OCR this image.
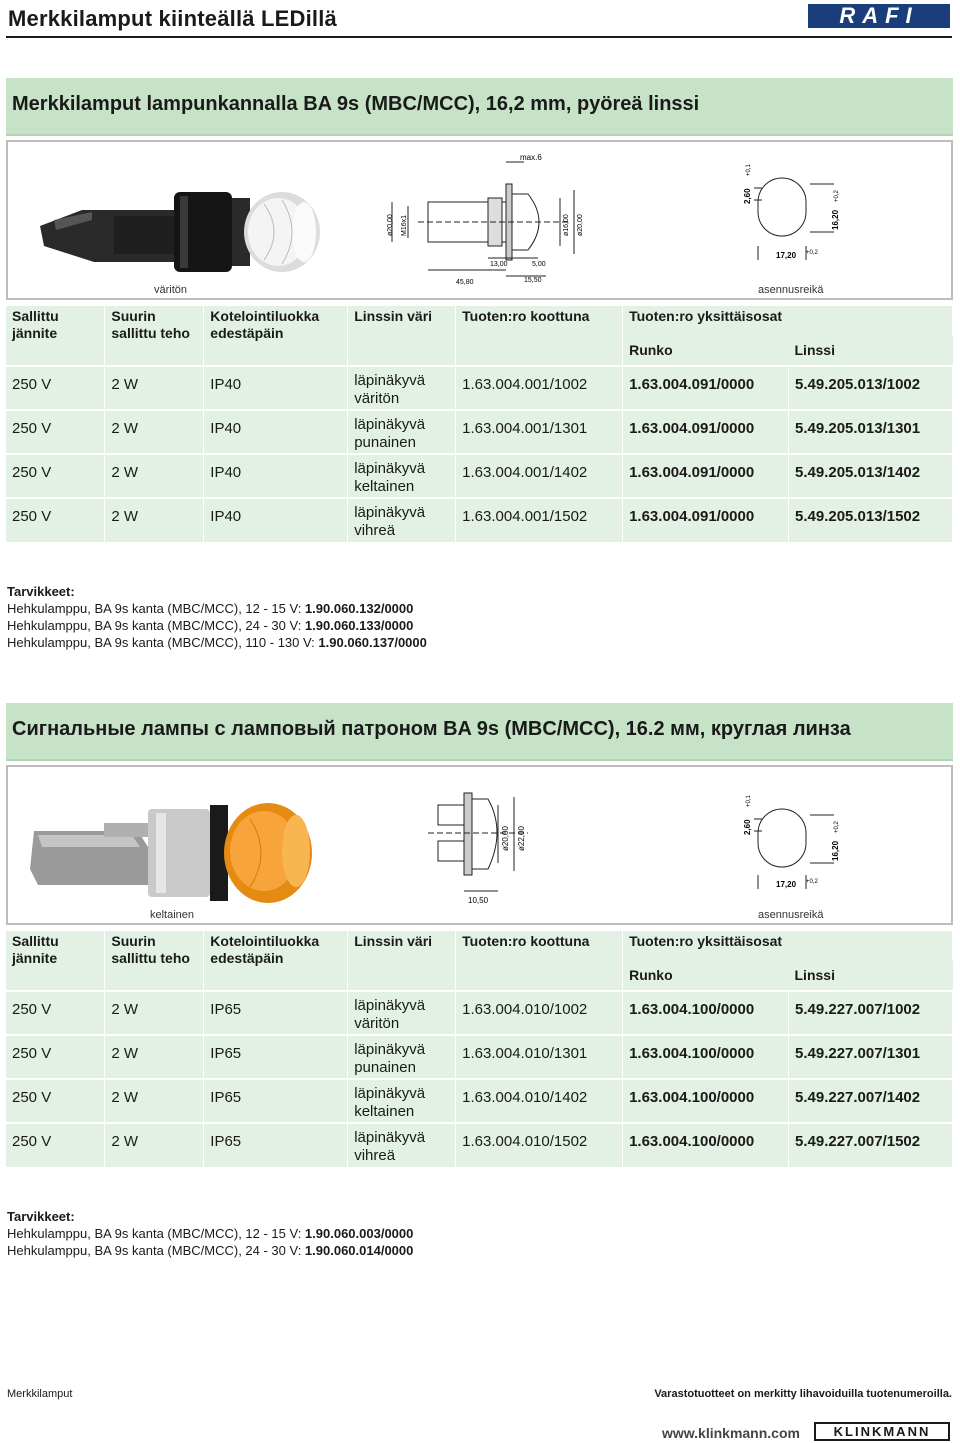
Merkkilamput kiinteällä LEDillä	RAFI
Merkkilamput lampunkannalla BA 9s (MBC/MCC), 16,2 mm, pyöreä linssi
väritön
max.6
ø20,00 M16x1	ø16,00 ø20,00
13,00	5,00
45,80	15,50
2,60
+0,1
16,20
+0,2
17,20 +0,2
asennusreikä
Sallittu jännite	Suurin sallittu teho	Kotelointiluokka edestäpäin	Linssin väri	Tuoten:ro koottuna	Tuoten:ro yksittäisosat	
					Runko	Linssi
250 V	2 W	IP40	läpinäkyvä väritön	1.63.004.001/1002	1.63.004.091/0000	5.49.205.013/1002
250 V	2 W	IP40	läpinäkyvä punainen	1.63.004.001/1301	1.63.004.091/0000	5.49.205.013/1301
250 V	2 W	IP40	läpinäkyvä keltainen	1.63.004.001/1402	1.63.004.091/0000	5.49.205.013/1402
250 V	2 W	IP40	läpinäkyvä vihreä	1.63.004.001/1502	1.63.004.091/0000	5.49.205.013/1502
Tarvikkeet:
Hehkulamppu, BA 9s kanta (MBC/MCC), 12 - 15 V: 1.90.060.132/0000
Hehkulamppu, BA 9s kanta (MBC/MCC), 24 - 30 V: 1.90.060.133/0000
Hehkulamppu, BA 9s kanta (MBC/MCC), 110 - 130 V: 1.90.060.137/0000
Сигнальные лампы с ламповый патроном BA 9s (MBC/MCC), 16.2 мм, круглая линза
keltainen
ø20,00 ø22,00
10,50
2,60
+0,1
16,20
+0,2
17,20 +0,2
asennusreikä
Sallittu jännite	Suurin sallittu teho	Kotelointiluokka edestäpäin	Linssin väri	Tuoten:ro koottuna	Tuoten:ro yksittäisosat	
					Runko	Linssi
250 V	2 W	IP65	läpinäkyvä väritön	1.63.004.010/1002	1.63.004.100/0000	5.49.227.007/1002
250 V	2 W	IP65	läpinäkyvä punainen	1.63.004.010/1301	1.63.004.100/0000	5.49.227.007/1301
250 V	2 W	IP65	läpinäkyvä keltainen	1.63.004.010/1402	1.63.004.100/0000	5.49.227.007/1402
250 V	2 W	IP65	läpinäkyvä vihreä	1.63.004.010/1502	1.63.004.100/0000	5.49.227.007/1502
Tarvikkeet:
Hehkulamppu, BA 9s kanta (MBC/MCC), 12 - 15 V: 1.90.060.003/0000
Hehkulamppu, BA 9s kanta (MBC/MCC), 24 - 30 V: 1.90.060.014/0000
Merkkilamput	Varastotuotteet on merkitty lihavoiduilla tuotenumeroilla.
www.klinkmann.com	KLINKMANN
